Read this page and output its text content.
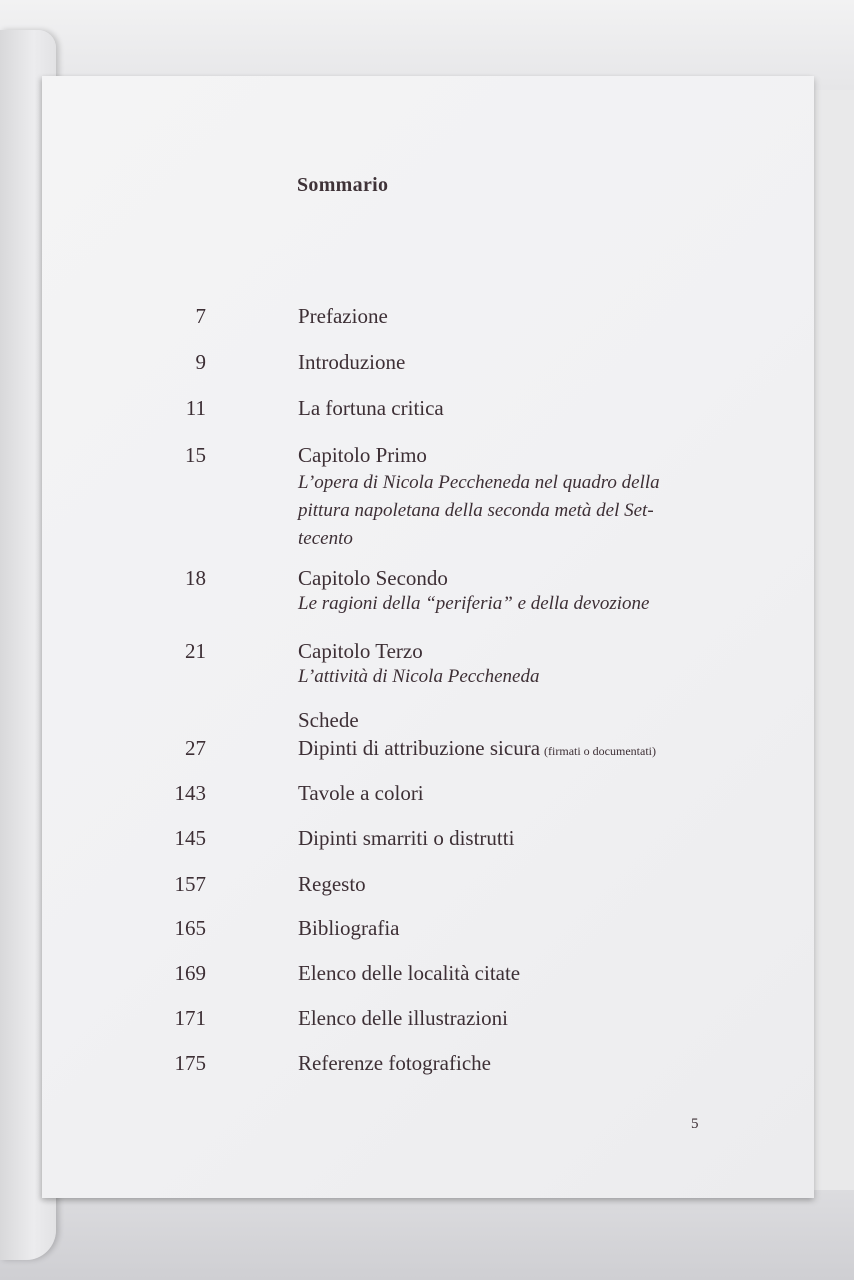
Sommario
7	Prefazione
9	Introduzione
11	La fortuna critica
15	Capitolo Primo
L’opera di Nicola Peccheneda nel quadro della
pittura napoletana della seconda metà del Set-
tecento
18	Capitolo Secondo
Le ragioni della “periferia” e della devozione
21	Capitolo Terzo
L’attività di Nicola Peccheneda
Schede
27	Dipinti di attribuzione sicura (firmati o documentati)
143	Tavole a colori
145	Dipinti smarriti o distrutti
157	Regesto
165	Bibliografia
169	Elenco delle località citate
171	Elenco delle illustrazioni
175	Referenze fotografiche
5
